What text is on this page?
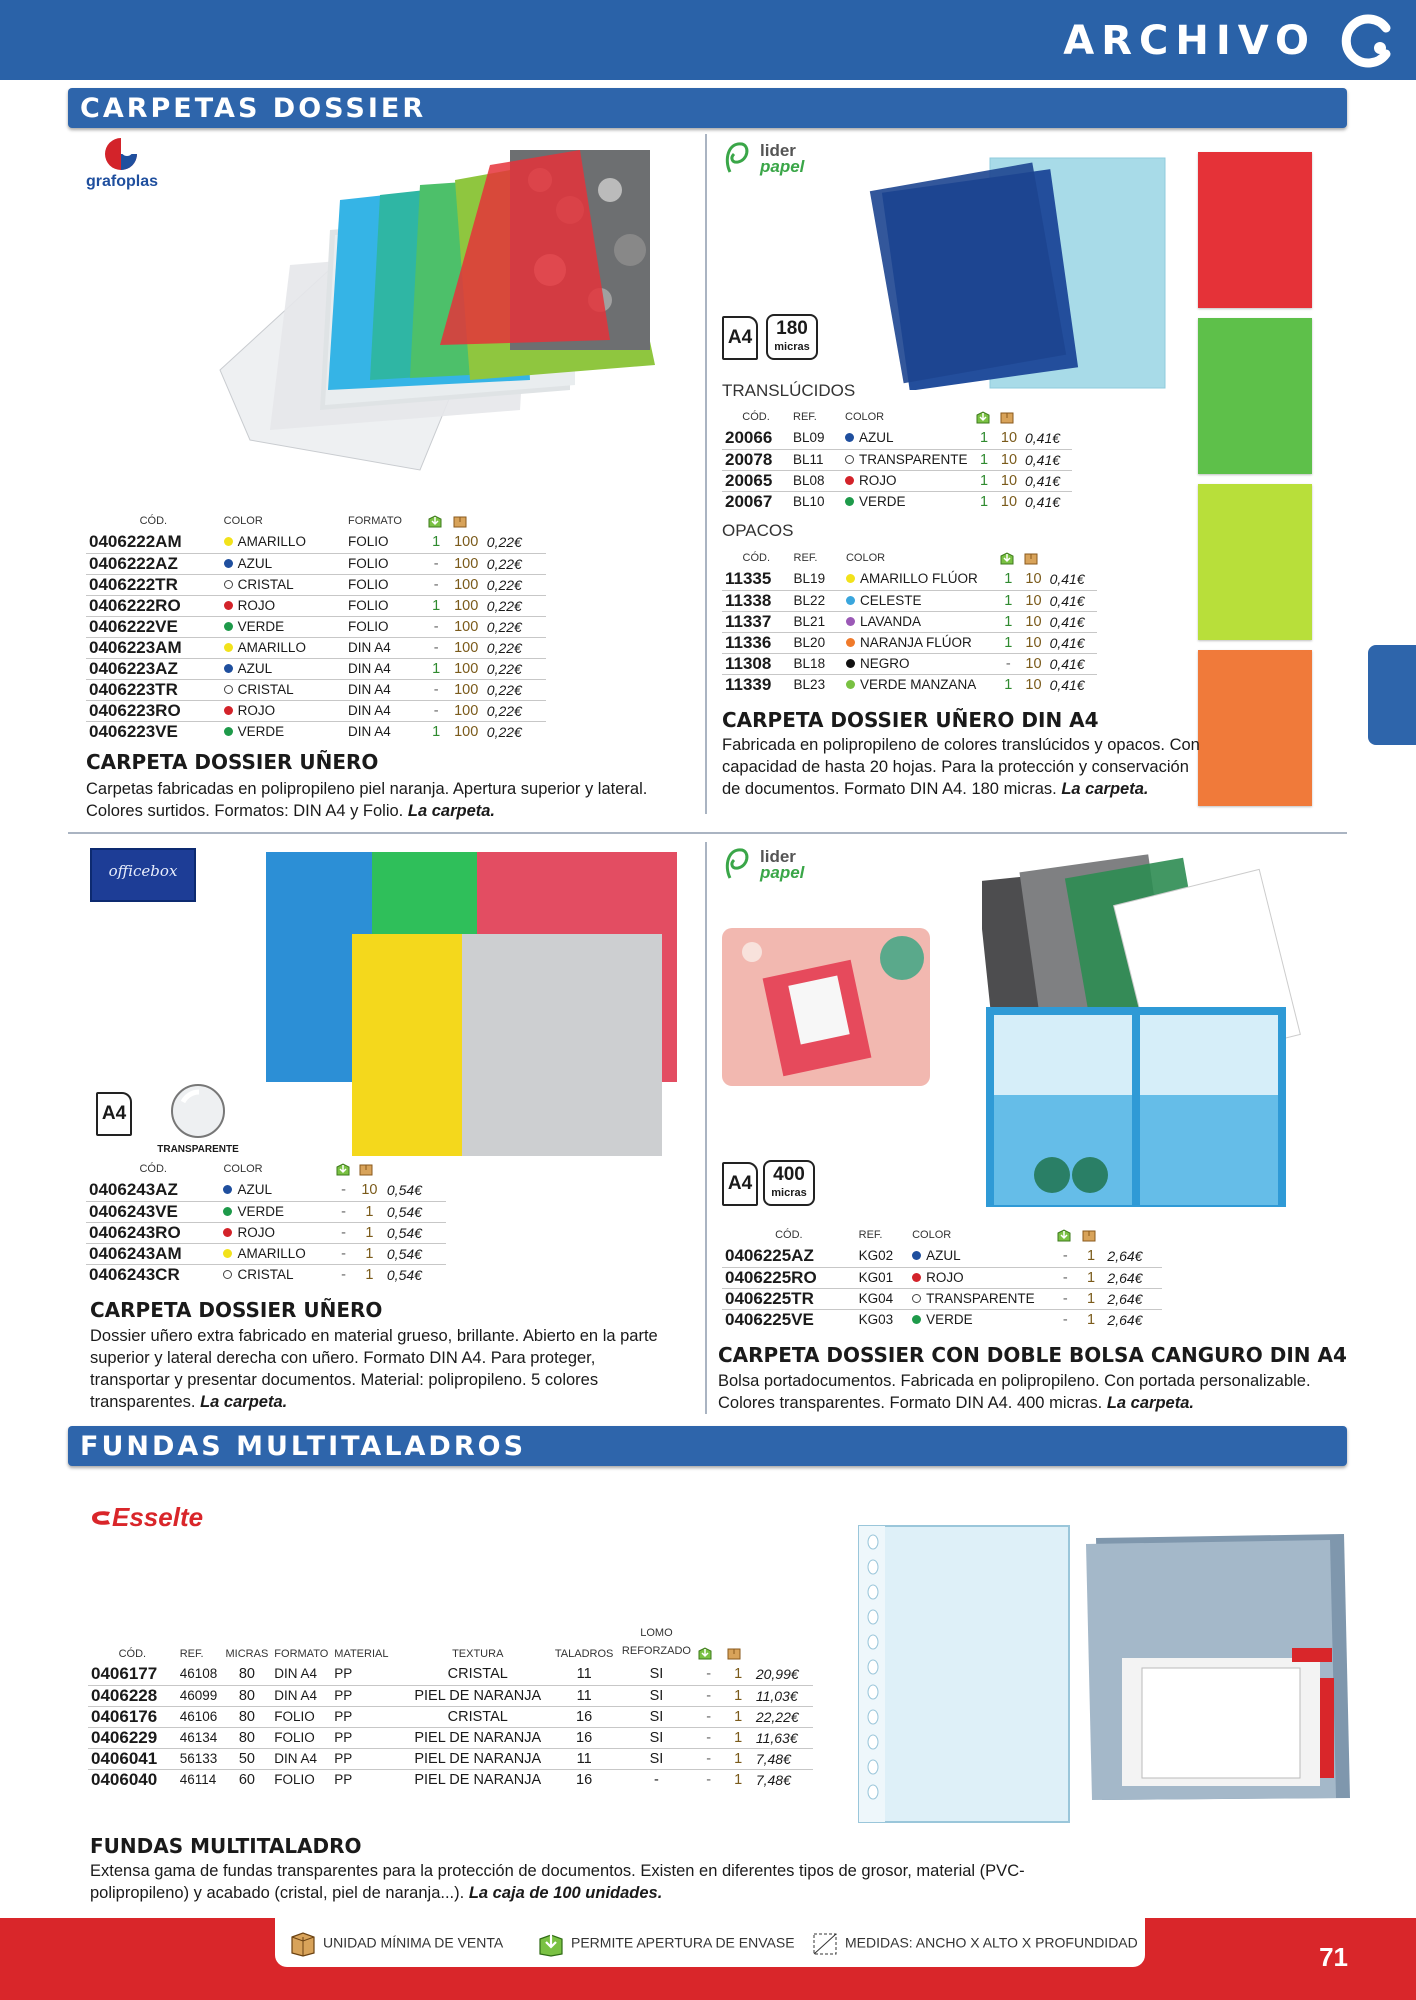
ARCHIVO
CARPETAS DOSSIER
grafoplas
CÓD.	COLOR	FORMATO			
0406222AM	AMARILLO	FOLIO	1	100	0,22€
0406222AZ	AZUL	FOLIO	-	100	0,22€
0406222TR	CRISTAL	FOLIO	-	100	0,22€
0406222RO	ROJO	FOLIO	1	100	0,22€
0406222VE	VERDE	FOLIO	-	100	0,22€
0406223AM	AMARILLO	DIN A4	-	100	0,22€
0406223AZ	AZUL	DIN A4	1	100	0,22€
0406223TR	CRISTAL	DIN A4	-	100	0,22€
0406223RO	ROJO	DIN A4	-	100	0,22€
0406223VE	VERDE	DIN A4	1	100	0,22€
CARPETA DOSSIER UÑERO
Carpetas fabricadas en polipropileno piel naranja. Apertura superior y lateral. Colores surtidos. Formatos: DIN A4 y Folio. La carpeta.
lider
papel
A4	180
micras
TRANSLÚCIDOS
CÓD.	REF.	COLOR			
20066	BL09	AZUL	1	10	0,41€
20078	BL11	TRANSPARENTE	1	10	0,41€
20065	BL08	ROJO	1	10	0,41€
20067	BL10	VERDE	1	10	0,41€
OPACOS
CÓD.	REF.	COLOR			
11335	BL19	AMARILLO FLÚOR	1	10	0,41€
11338	BL22	CELESTE	1	10	0,41€
11337	BL21	LAVANDA	1	10	0,41€
11336	BL20	NARANJA FLÚOR	1	10	0,41€
11308	BL18	NEGRO	-	10	0,41€
11339	BL23	VERDE MANZANA	1	10	0,41€
CARPETA DOSSIER UÑERO DIN A4
Fabricada en polipropileno de colores translúcidos y opacos. Con capacidad de hasta 20 hojas. Para la protección y conservación de documentos. Formato DIN A4. 180 micras. La carpeta.
officebox
A4
TRANSPARENTE
CÓD.	COLOR			
0406243AZ	AZUL	-	10	0,54€
0406243VE	VERDE	-	1	0,54€
0406243RO	ROJO	-	1	0,54€
0406243AM	AMARILLO	-	1	0,54€
0406243CR	CRISTAL	-	1	0,54€
CARPETA DOSSIER UÑERO
Dossier uñero extra fabricado en material grueso, brillante. Abierto en la parte superior y lateral derecha con uñero. Formato DIN A4. Para proteger, transportar y presentar documentos. Material: polipropileno. 5 colores transparentes. La carpeta.
lider
papel
A4	400
micras
CÓD.	REF.	COLOR			
0406225AZ	KG02	AZUL	-	1	2,64€
0406225RO	KG01	ROJO	-	1	2,64€
0406225TR	KG04	TRANSPARENTE	-	1	2,64€
0406225VE	KG03	VERDE	-	1	2,64€
CARPETA DOSSIER CON DOBLE BOLSA CANGURO DIN A4
Bolsa portadocumentos. Fabricada en polipropileno. Con portada personalizable. Colores transparentes. Formato DIN A4. 400 micras. La carpeta.
FUNDAS MULTITALADROS
Esselte
CÓD.	REF.	MICRAS	FORMATO	MATERIAL	TEXTURA	TALADROS	LOMO REFORZADO			
0406177	46108	80	DIN A4	PP	CRISTAL	11	SI	-	1	20,99€
0406228	46099	80	DIN A4	PP	PIEL DE NARANJA	11	SI	-	1	11,03€
0406176	46106	80	FOLIO	PP	CRISTAL	16	SI	-	1	22,22€
0406229	46134	80	FOLIO	PP	PIEL DE NARANJA	16	SI	-	1	11,63€
0406041	56133	50	DIN A4	PP	PIEL DE NARANJA	11	SI	-	1	7,48€
0406040	46114	60	FOLIO	PP	PIEL DE NARANJA	16	-	-	1	7,48€
FUNDAS MULTITALADRO
Extensa gama de fundas transparentes para la protección de documentos. Existen en diferentes tipos de grosor, material (PVC-polipropileno) y acabado (cristal, piel de naranja...). La caja de 100 unidades.
UNIDAD MÍNIMA DE VENTA	PERMITE APERTURA DE ENVASE	MEDIDAS: ANCHO X ALTO X PROFUNDIDAD	71
